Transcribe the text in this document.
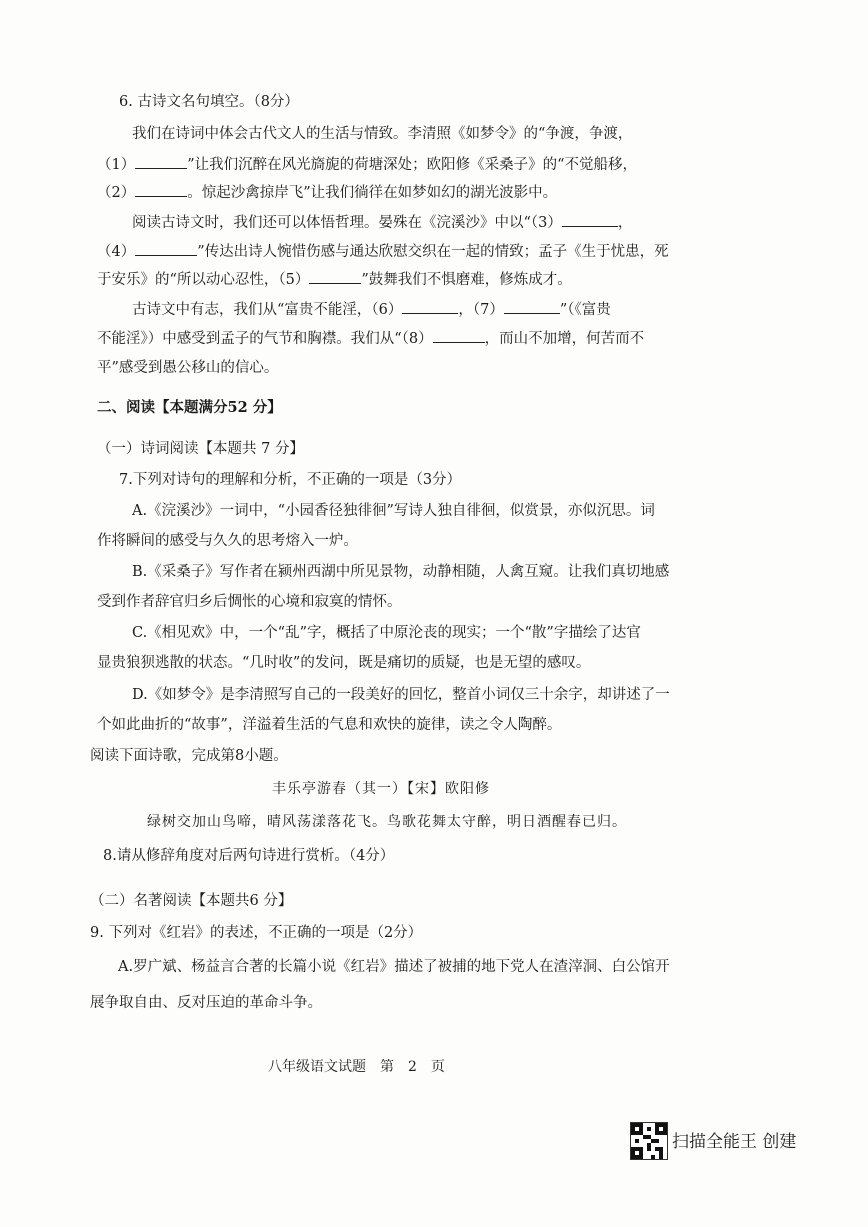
6. 古诗文名句填空。（8分）
我们在诗词中体会古代文人的生活与情致。李清照《如梦令》的“争渡，争渡，
（1）	”让我们沉醉在风光旖旎的荷塘深处；欧阳修《采桑子》的“不觉船移，
（2）	。惊起沙禽掠岸飞”让我们徜徉在如梦如幻的湖光波影中。
阅读古诗文时，我们还可以体悟哲理。晏殊在《浣溪沙》中以“（3）	，
（4）	”传达出诗人惋惜伤感与通达欣慰交织在一起的情致；孟子《生于忧患，死
于安乐》的“所以动心忍性，（5）	”鼓舞我们不惧磨难，修炼成才。
古诗文中有志，我们从“富贵不能淫，（6）	，（7）	”（《富贵
不能淫》）中感受到孟子的气节和胸襟。我们从“（8）	，而山不加增，何苦而不
平”感受到愚公移山的信心。
二、阅读【本题满分52 分】
（一）诗词阅读【本题共 7 分】
7.下列对诗句的理解和分析，不正确的一项是（3分）
A.《浣溪沙》一词中，“小园香径独徘徊”写诗人独自徘徊，似赏景，亦似沉思。词
作将瞬间的感受与久久的思考熔入一炉。
B.《采桑子》写作者在颍州西湖中所见景物，动静相随，人禽互窥。让我们真切地感
受到作者辞官归乡后惆怅的心境和寂寞的情怀。
C.《相见欢》中，一个“乱”字，概括了中原沦丧的现实；一个“散”字描绘了达官
显贵狼狈逃散的状态。“几时收”的发问，既是痛切的质疑，也是无望的感叹。
D.《如梦令》是李清照写自己的一段美好的回忆，整首小词仅三十余字，却讲述了一
个如此曲折的“故事”，洋溢着生活的气息和欢快的旋律，读之令人陶醉。
阅读下面诗歌，完成第8小题。
丰乐亭游春（其一）【宋】欧阳修
绿树交加山鸟啼，晴风荡漾落花飞。鸟歌花舞太守醉，明日酒醒春已归。
8.请从修辞角度对后两句诗进行赏析。（4分）
（二）名著阅读【本题共6 分】
9. 下列对《红岩》的表述，不正确的一项是（2分）
A.罗广斌、杨益言合著的长篇小说《红岩》描述了被捕的地下党人在渣滓洞、白公馆开
展争取自由、反对压迫的革命斗争。
八年级语文试题　第　2　页
扫描全能王 创建
